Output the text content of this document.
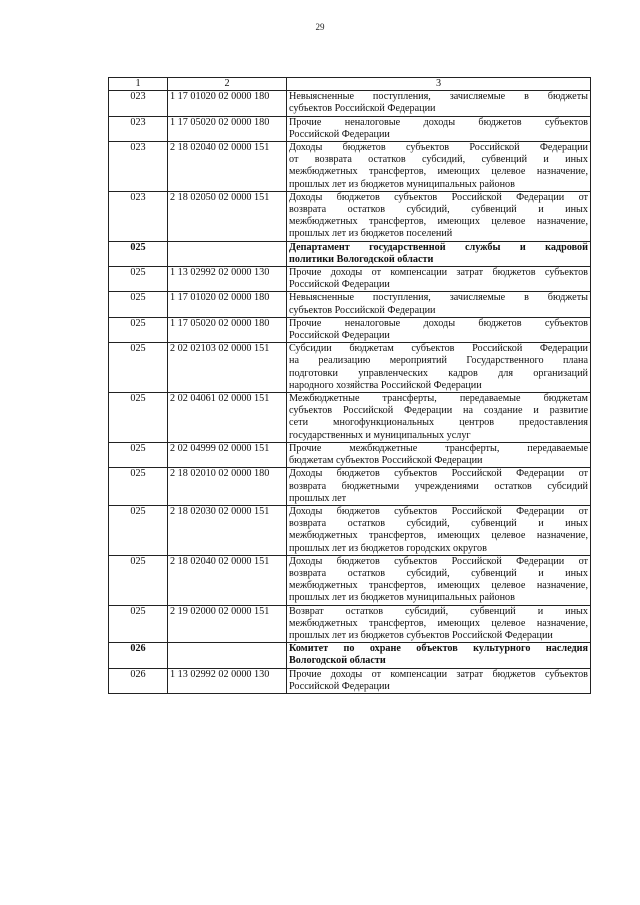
29
1	2	3
023	1 17 01020 02 0000 180	Невыясненные поступления, зачисляемые в бюджеты
субъектов Российской Федерации

023	1 17 05020 02 0000 180	Прочие неналоговые доходы бюджетов субъектов
Российской Федерации

023	2 18 02040 02 0000 151	Доходы бюджетов субъектов Российской Федерации
от возврата остатков субсидий, субвенций и иных
межбюджетных трансфертов, имеющих целевое назначение,
прошлых лет из бюджетов муниципальных районов

023	2 18 02050 02 0000 151	Доходы бюджетов субъектов Российской Федерации от
возврата остатков субсидий, субвенций и иных
межбюджетных трансфертов, имеющих целевое назначение,
прошлых лет из бюджетов поселений

025		Департамент государственной службы и кадровой
политики Вологодской области

025	1 13 02992 02 0000 130	Прочие доходы от компенсации затрат бюджетов субъектов
Российской Федерации

025	1 17 01020 02 0000 180	Невыясненные поступления, зачисляемые в бюджеты
субъектов Российской Федерации

025	1 17 05020 02 0000 180	Прочие неналоговые доходы бюджетов субъектов
Российской Федерации

025	2 02 02103 02 0000 151	Субсидии бюджетам субъектов Российской Федерации
на реализацию мероприятий Государственного плана
подготовки управленческих кадров для организаций
народного хозяйства Российской Федерации

025	2 02 04061 02 0000 151	Межбюджетные трансферты, передаваемые бюджетам
субъектов Российской Федерации на создание и развитие
сети многофункциональных центров предоставления
государственных и муниципальных услуг

025	2 02 04999 02 0000 151	Прочие межбюджетные трансферты, передаваемые
бюджетам субъектов Российской Федерации

025	2 18 02010 02 0000 180	Доходы бюджетов субъектов Российской Федерации от
возврата бюджетными учреждениями остатков субсидий
прошлых лет

025	2 18 02030 02 0000 151	Доходы бюджетов субъектов Российской Федерации от
возврата остатков субсидий, субвенций и иных
межбюджетных трансфертов, имеющих целевое назначение,
прошлых лет из бюджетов городских округов

025	2 18 02040 02 0000 151	Доходы бюджетов субъектов Российской Федерации от
возврата остатков субсидий, субвенций и иных
межбюджетных трансфертов, имеющих целевое назначение,
прошлых лет из бюджетов муниципальных районов

025	2 19 02000 02 0000 151	Возврат остатков субсидий, субвенций и иных
межбюджетных трансфертов, имеющих целевое назначение,
прошлых лет из бюджетов субъектов Российской Федерации

026		Комитет по охране объектов культурного наследия
Вологодской области

026	1 13 02992 02 0000 130	Прочие доходы от компенсации затрат бюджетов субъектов
Российской Федерации
